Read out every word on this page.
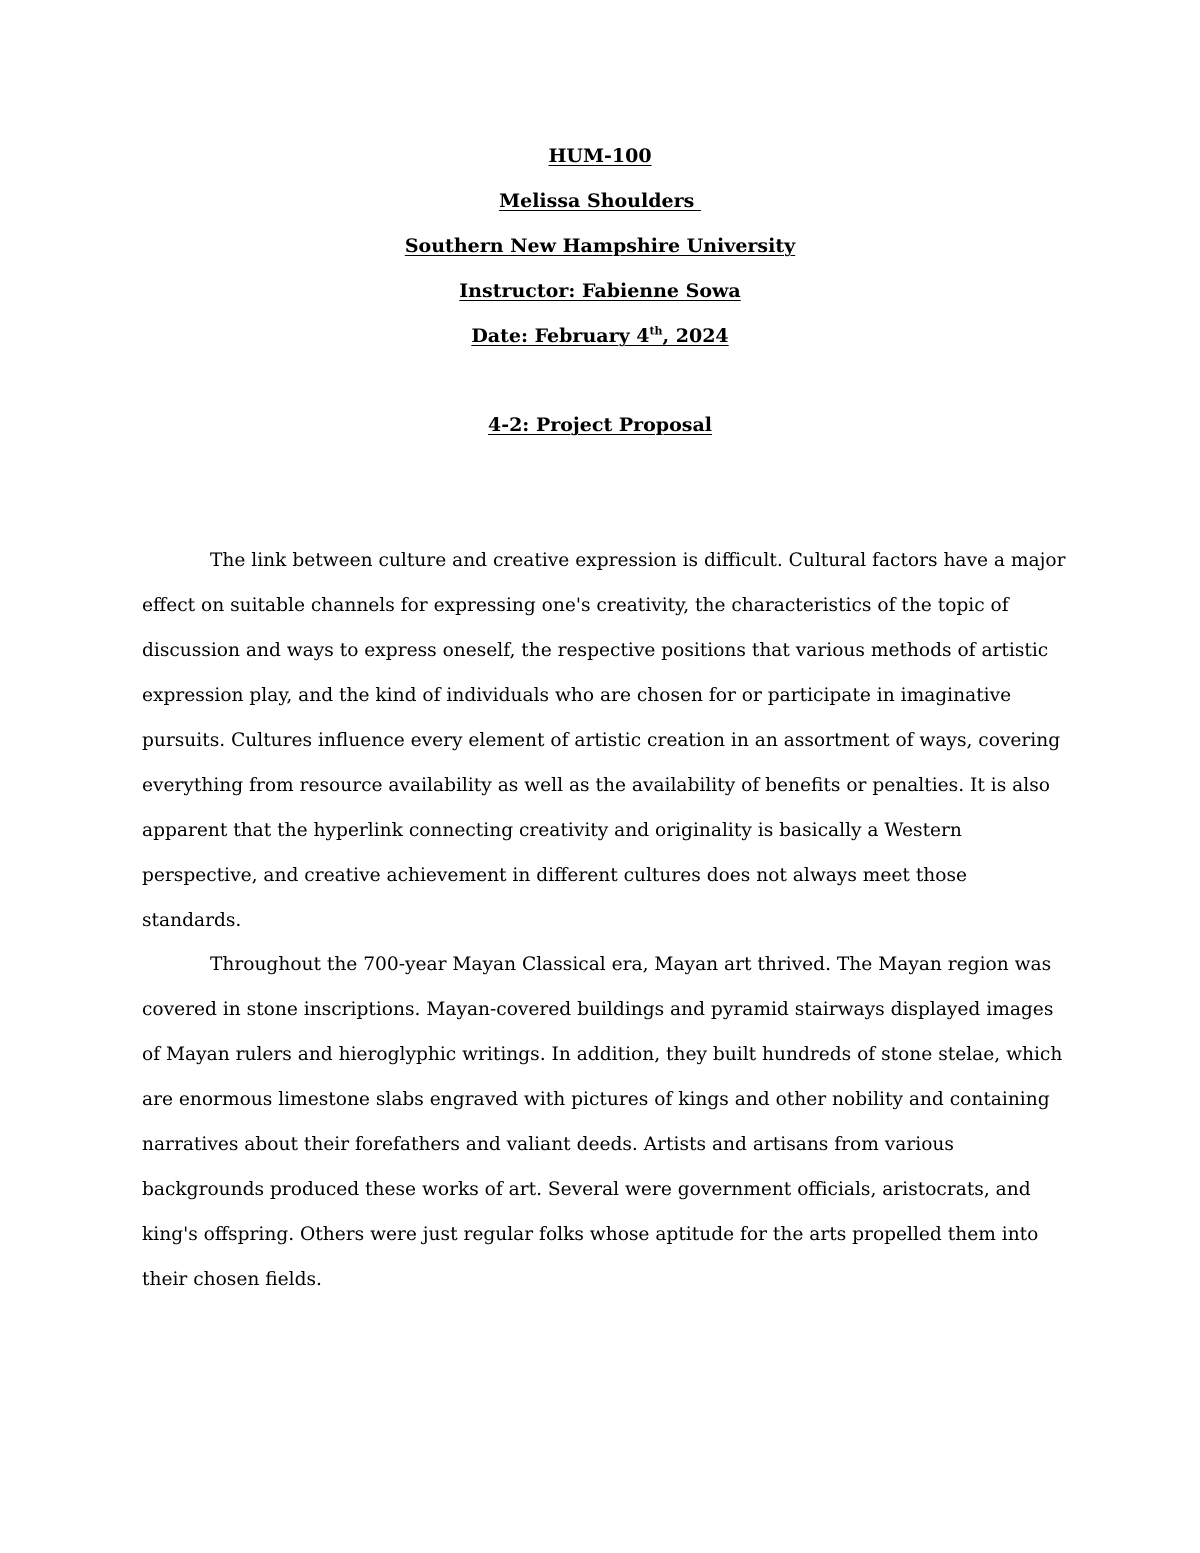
HUM-100

Melissa Shoulders

Southern New Hampshire University

Instructor: Fabienne Sowa

Date: February 4th, 2024

4-2: Project Proposal

The link between culture and creative expression is difficult. Cultural factors have a major effect on suitable channels for expressing one's creativity, the characteristics of the topic of discussion and ways to express oneself, the respective positions that various methods of artistic expression play, and the kind of individuals who are chosen for or participate in imaginative pursuits. Cultures influence every element of artistic creation in an assortment of ways, covering everything from resource availability as well as the availability of benefits or penalties. It is also apparent that the hyperlink connecting creativity and originality is basically a Western perspective, and creative achievement in different cultures does not always meet those standards.

Throughout the 700-year Mayan Classical era, Mayan art thrived. The Mayan region was covered in stone inscriptions. Mayan-covered buildings and pyramid stairways displayed images of Mayan rulers and hieroglyphic writings. In addition, they built hundreds of stone stelae, which are enormous limestone slabs engraved with pictures of kings and other nobility and containing narratives about their forefathers and valiant deeds. Artists and artisans from various backgrounds produced these works of art. Several were government officials, aristocrats, and king's offspring. Others were just regular folks whose aptitude for the arts propelled them into their chosen fields.
